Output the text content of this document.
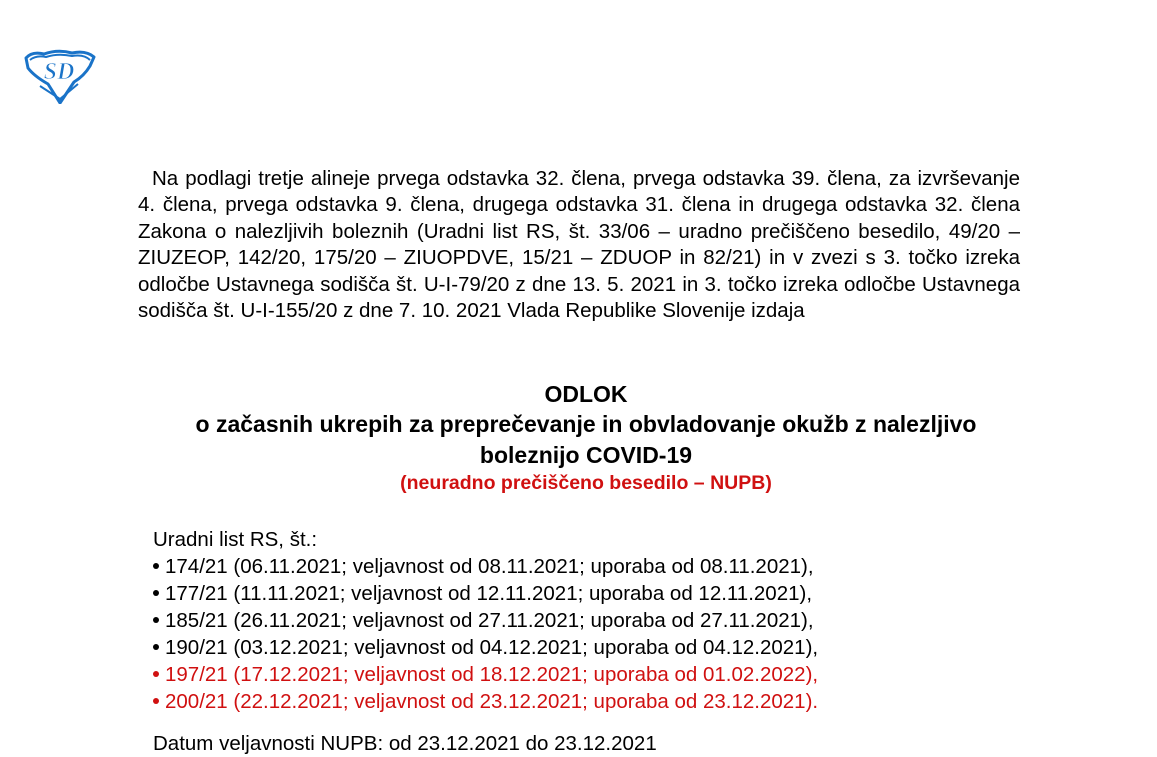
SD

Na podlagi tretje alineje prvega odstavka 32. člena, prvega odstavka 39. člena, za izvrševanje 4. člena, prvega odstavka 9. člena, drugega odstavka 31. člena in drugega odstavka 32. člena Zakona o nalezljivih boleznih (Uradni list RS, št. 33/06 – uradno prečiščeno besedilo, 49/20 – ZIUZEOP, 142/20, 175/20 – ZIUOPDVE, 15/21 – ZDUOP in 82/21) in v zvezi s 3. točko izreka odločbe Ustavnega sodišča št. U-I-79/20 z dne 13. 5. 2021 in 3. točko izreka odločbe Ustavnega sodišča št. U-I-155/20 z dne 7. 10. 2021 Vlada Republike Slovenije izdaja

ODLOK
o začasnih ukrepih za preprečevanje in obvladovanje okužb z nalezljivo boleznijo COVID-19
(neuradno prečiščeno besedilo – NUPB)
Uradni list RS, št.:
174/21 (06.11.2021; veljavnost od 08.11.2021; uporaba od 08.11.2021),
177/21 (11.11.2021; veljavnost od 12.11.2021; uporaba od 12.11.2021),
185/21 (26.11.2021; veljavnost od 27.11.2021; uporaba od 27.11.2021),
190/21 (03.12.2021; veljavnost od 04.12.2021; uporaba od 04.12.2021),
197/21 (17.12.2021; veljavnost od 18.12.2021; uporaba od 01.02.2022),
200/21 (22.12.2021; veljavnost od 23.12.2021; uporaba od 23.12.2021).
Datum veljavnosti NUPB: od 23.12.2021 do 23.12.2021
